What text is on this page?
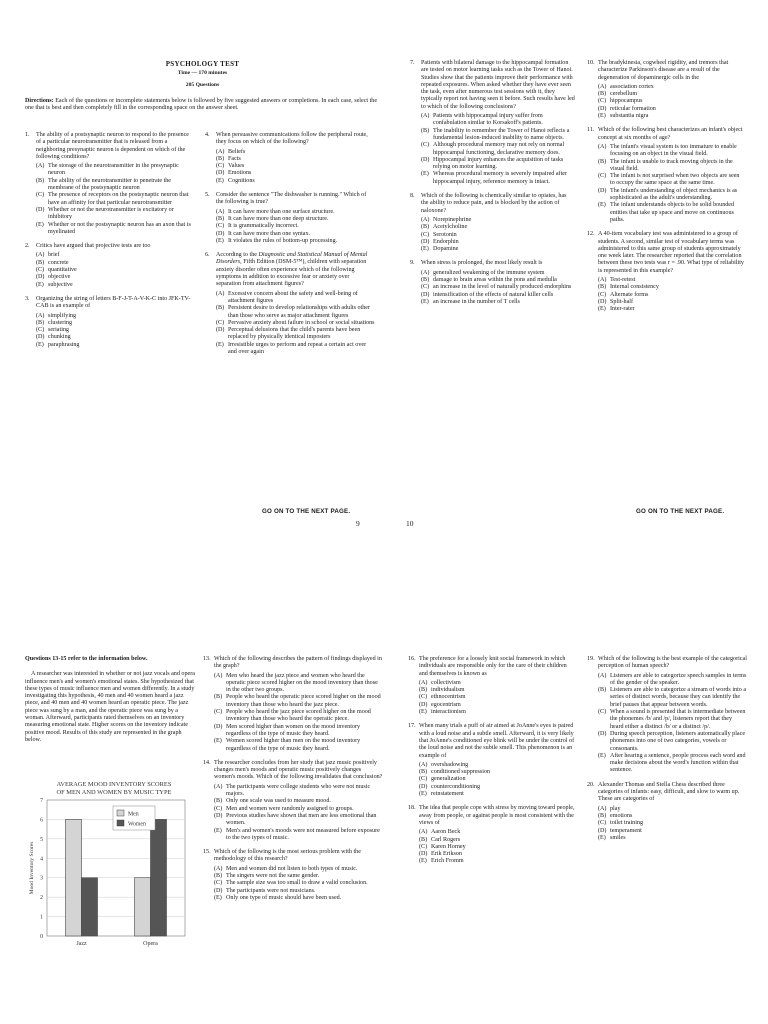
PSYCHOLOGY TEST
Time — 170 minutes
205 Questions
Directions: Each of the questions or incomplete statements below is followed by five suggested answers or completions. In each case, select the one that is best and then completely fill in the corresponding space on the answer sheet.
1.	The ability of a postsynaptic neuron to respond to the presence of a particular neurotransmitter that is released from a neighboring presynaptic neuron is dependent on which of the following conditions?
(A) The storage of the neurotransmitter in the presynaptic neuron
(B) The ability of the neurotransmitter to penetrate the membrane of the postsynaptic neuron
(C) The presence of receptors on the postsynaptic neuron that have an affinity for that particular neurotransmitter
(D) Whether or not the neurotransmitter is excitatory or inhibitory
(E) Whether or not the postsynaptic neuron has an axon that is myelinated
2.	Critics have argued that projective tests are too
(A) brief
(B) concrete
(C) quantitative
(D) objective
(E) subjective
3.	Organizing the string of letters B-F-J-T-A-V-K-C into JFK-TV-CAB is an example of
(A) simplifying
(B) clustering
(C) seriating
(D) chunking
(E) paraphrasing
4.	When persuasive communications follow the peripheral route, they focus on which of the following?
(A) Beliefs
(B) Facts
(C) Values
(D) Emotions
(E) Cognitions
5.	Consider the sentence "The dishwasher is running." Which of the following is true?
(A) It can have more than one surface structure.
(B) It can have more than one deep structure.
(C) It is grammatically incorrect.
(D) It can have more than one syntax.
(E) It violates the rules of bottom-up processing.
6.	According to the Diagnostic and Statistical Manual of Mental Disorders, Fifth Edition (DSM-5™), children with separation anxiety disorder often experience which of the following symptoms in addition to excessive fear or anxiety over separation from attachment figures?
(A) Excessive concern about the safety and well-being of attachment figures
(B) Persistent desire to develop relationships with adults other than those who serve as major attachment figures
(C) Pervasive anxiety about failure in school or social situations
(D) Perceptual delusions that the child's parents have been replaced by physically identical imposters
(E) Irresistible urges to perform and repeat a certain act over and over again
7.	Patients with bilateral damage to the hippocampal formation are tested on motor learning tasks such as the Tower of Hanoi. Studies show that the patients improve their performance with repeated exposures. When asked whether they have ever seen the task, even after numerous test sessions with it, they typically report not having seen it before. Such results have led to which of the following conclusions?
(A) Patients with hippocampal injury suffer from confabulation similar to Korsakoff's patients.
(B) The inability to remember the Tower of Hanoi reflects a fundamental lesion-induced inability to name objects.
(C) Although procedural memory may not rely on normal hippocampal functioning, declarative memory does.
(D) Hippocampal injury enhances the acquisition of tasks relying on motor learning.
(E) Whereas procedural memory is severely impaired after hippocampal injury, reference memory is intact.
8.	Which of the following is chemically similar to opiates, has the ability to reduce pain, and is blocked by the action of naloxone?
(A) Norepinephrine
(B) Acetylcholine
(C) Serotonin
(D) Endorphin
(E) Dopamine
9.	When stress is prolonged, the most likely result is
(A) generalized weakening of the immune system
(B) damage to brain areas within the pons and medulla
(C) an increase in the level of naturally produced endorphins
(D) intensification of the effects of natural killer cells
(E) an increase in the number of T cells
10. The bradykinesia, cogwheel rigidity, and tremors that characterize Parkinson's disease are a result of the degeneration of dopaminergic cells in the
(A) association cortex
(B) cerebellum
(C) hippocampus
(D) reticular formation
(E) substantia nigra
11. Which of the following best characterizes an infant's object concept at six months of age?
(A) The infant's visual system is too immature to enable focusing on an object in the visual field.
(B) The infant is unable to track moving objects in the visual field.
(C) The infant is not surprised when two objects are seen to occupy the same space at the same time.
(D) The infant's understanding of object mechanics is as sophisticated as the adult's understanding.
(E) The infant understands objects to be solid bounded entities that take up space and move on continuous paths.
12. A 40-item vocabulary test was administered to a group of students. A second, similar test of vocabulary terms was administered to this same group of students approximately one week later. The researcher reported that the correlation between these two tests was r = .90. What type of reliability is represented in this example?
(A) Test-retest
(B) Internal consistency
(C) Alternate forms
(D) Split-half
(E) Inter-rater
Questions 13-15 refer to the information below.

A researcher was interested in whether or not jazz vocals and opera influence men's and women's emotional states. She hypothesized that these types of music influence men and women differently. In a study investigating this hypothesis, 40 men and 40 women heard a jazz piece, and 40 men and 40 women heard an operatic piece. The jazz piece was sung by a man, and the operatic piece was sung by a woman. Afterward, participants rated themselves on an inventory measuring emotional state. Higher scores on the inventory indicate positive mood. Results of this study are represented in the graph below.

AVERAGE MOOD INVENTORY SCORES
OF MEN AND WOMEN BY MUSIC TYPE
0
1
2
3
4
5
6
7
Mood Inventory Scores
Jazz	Opera
Men
Women
13. Which of the following describes the pattern of findings displayed in the graph?
(A) Men who heard the jazz piece and women who heard the operatic piece scored higher on the mood inventory than those in the other two groups.
(B) People who heard the operatic piece scored higher on the mood inventory than those who heard the jazz piece.
(C) People who heard the jazz piece scored higher on the mood inventory than those who heard the operatic piece.
(D) Men scored higher than women on the mood inventory regardless of the type of music they heard.
(E) Women scored higher than men on the mood inventory regardless of the type of music they heard.
14. The researcher concludes from her study that jazz music positively changes men's moods and operatic music positively changes women's moods. Which of the following invalidates that conclusion?
(A) The participants were college students who were not music majors.
(B) Only one scale was used to measure mood.
(C) Men and women were randomly assigned to groups.
(D) Previous studies have shown that men are less emotional than women.
(E) Men's and women's moods were not measured before exposure to the two types of music.
15. Which of the following is the most serious problem with the methodology of this research?
(A) Men and women did not listen to both types of music.
(B) The singers were not the same gender.
(C) The sample size was too small to draw a valid conclusion.
(D) The participants were not musicians.
(E) Only one type of music should have been used.
16. The preference for a loosely knit social framework in which individuals are responsible only for the care of their children and themselves is known as
(A) collectivism
(B) individualism
(C) ethnocentrism
(D) egocentrism
(E) interactionism
17. When many trials a puff of air aimed at JoAnne's eyes is paired with a loud noise and a subtle smell. Afterward, it is very likely that JoAnne's conditioned eye blink will be under the control of the loud noise and not the subtle smell. This phenomenon is an example of
(A) overshadowing
(B) conditioned suppression
(C) generalization
(D) counterconditioning
(E) reinstatement
18. The idea that people cope with stress by moving toward people, away from people, or against people is most consistent with the views of
(A) Aaron Beck
(B) Carl Rogers
(C) Karen Horney
(D) Erik Erikson
(E) Erich Fromm
19. Which of the following is the best example of the categorical perception of human speech?
(A) Listeners are able to categorize speech samples in terms of the gender of the speaker.
(B) Listeners are able to categorize a stream of words into a series of distinct words, because they can identify the brief pauses that appear between words.
(C) When a sound is presented that is intermediate between the phonemes /b/ and /p/, listeners report that they heard either a distinct /b/ or a distinct /p/.
(D) During speech perception, listeners automatically place phonemes into one of two categories, vowels or consonants.
(E) After hearing a sentence, people process each word and make decisions about the word's function within that sentence.
20. Alexander Thomas and Stella Chess described three categories of infants: easy, difficult, and slow to warm up. These are categories of
(A) play
(B) emotions
(C) toilet training
(D) temperament
(E) smiles
GO ON TO THE NEXT PAGE.	GO ON TO THE NEXT PAGE.
9	10
